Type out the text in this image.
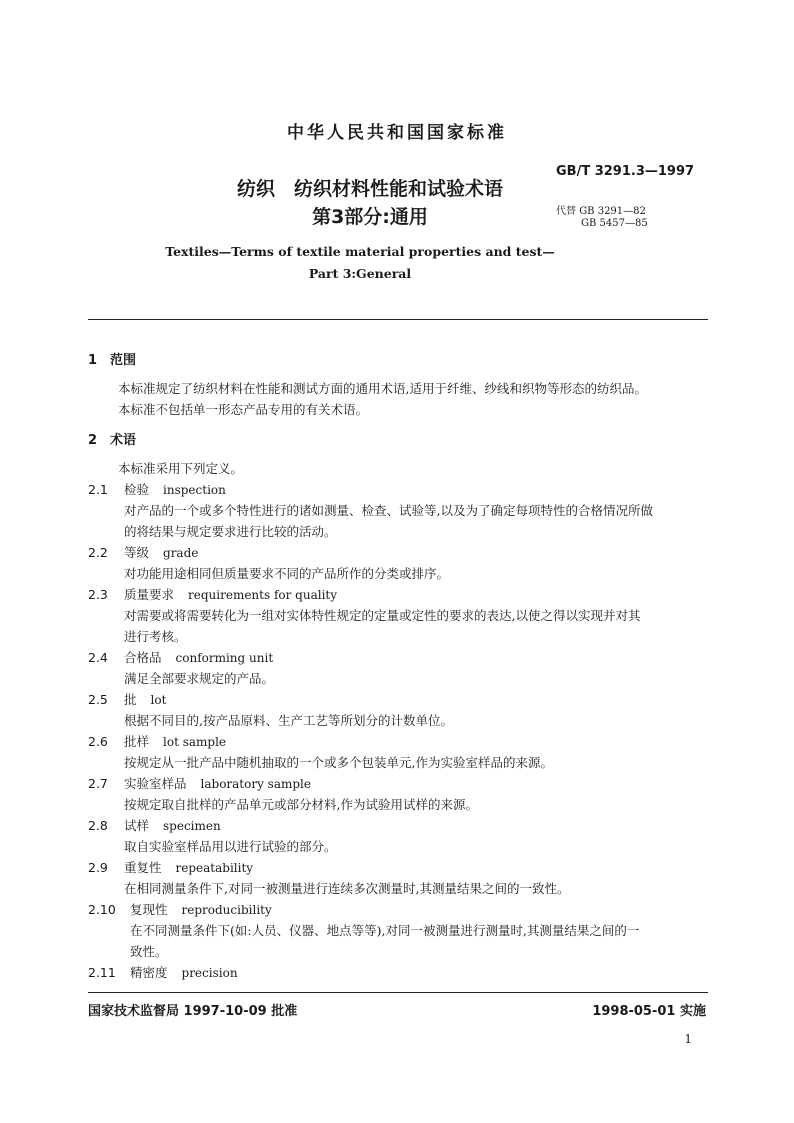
中华人民共和国国家标准
纺织　纺织材料性能和试验术语
第3部分:通用
GB/T 3291.3—1997
代替 GB 3291—82
GB 5457—85
Textiles—Terms of textile material properties and test—
Part 3:General
1 范围
本标准规定了纺织材料在性能和测试方面的通用术语,适用于纤维、纱线和织物等形态的纺织品。
本标准不包括单一形态产品专用的有关术语。
2 术语
本标准采用下列定义。
2.1 检验 inspection
对产品的一个或多个特性进行的诸如测量、检查、试验等,以及为了确定每项特性的合格情况所做
的将结果与规定要求进行比较的活动。
2.2 等级 grade
对功能用途相同但质量要求不同的产品所作的分类或排序。
2.3 质量要求 requirements for quality
对需要或将需要转化为一组对实体特性规定的定量或定性的要求的表达,以使之得以实现并对其
进行考核。
2.4 合格品 conforming unit
满足全部要求规定的产品。
2.5 批 lot
根据不同目的,按产品原料、生产工艺等所划分的计数单位。
2.6 批样 lot sample
按规定从一批产品中随机抽取的一个或多个包装单元,作为实验室样品的来源。
2.7 实验室样品 laboratory sample
按规定取自批样的产品单元或部分材料,作为试验用试样的来源。
2.8 试样 specimen
取自实验室样品用以进行试验的部分。
2.9 重复性 repeatability
在相同测量条件下,对同一被测量进行连续多次测量时,其测量结果之间的一致性。
2.10 复现性 reproducibility
在不同测量条件下(如:人员、仪器、地点等等),对同一被测量进行测量时,其测量结果之间的一
致性。
2.11 精密度 precision
国家技术监督局 1997-10-09 批准	1998-05-01 实施
1
